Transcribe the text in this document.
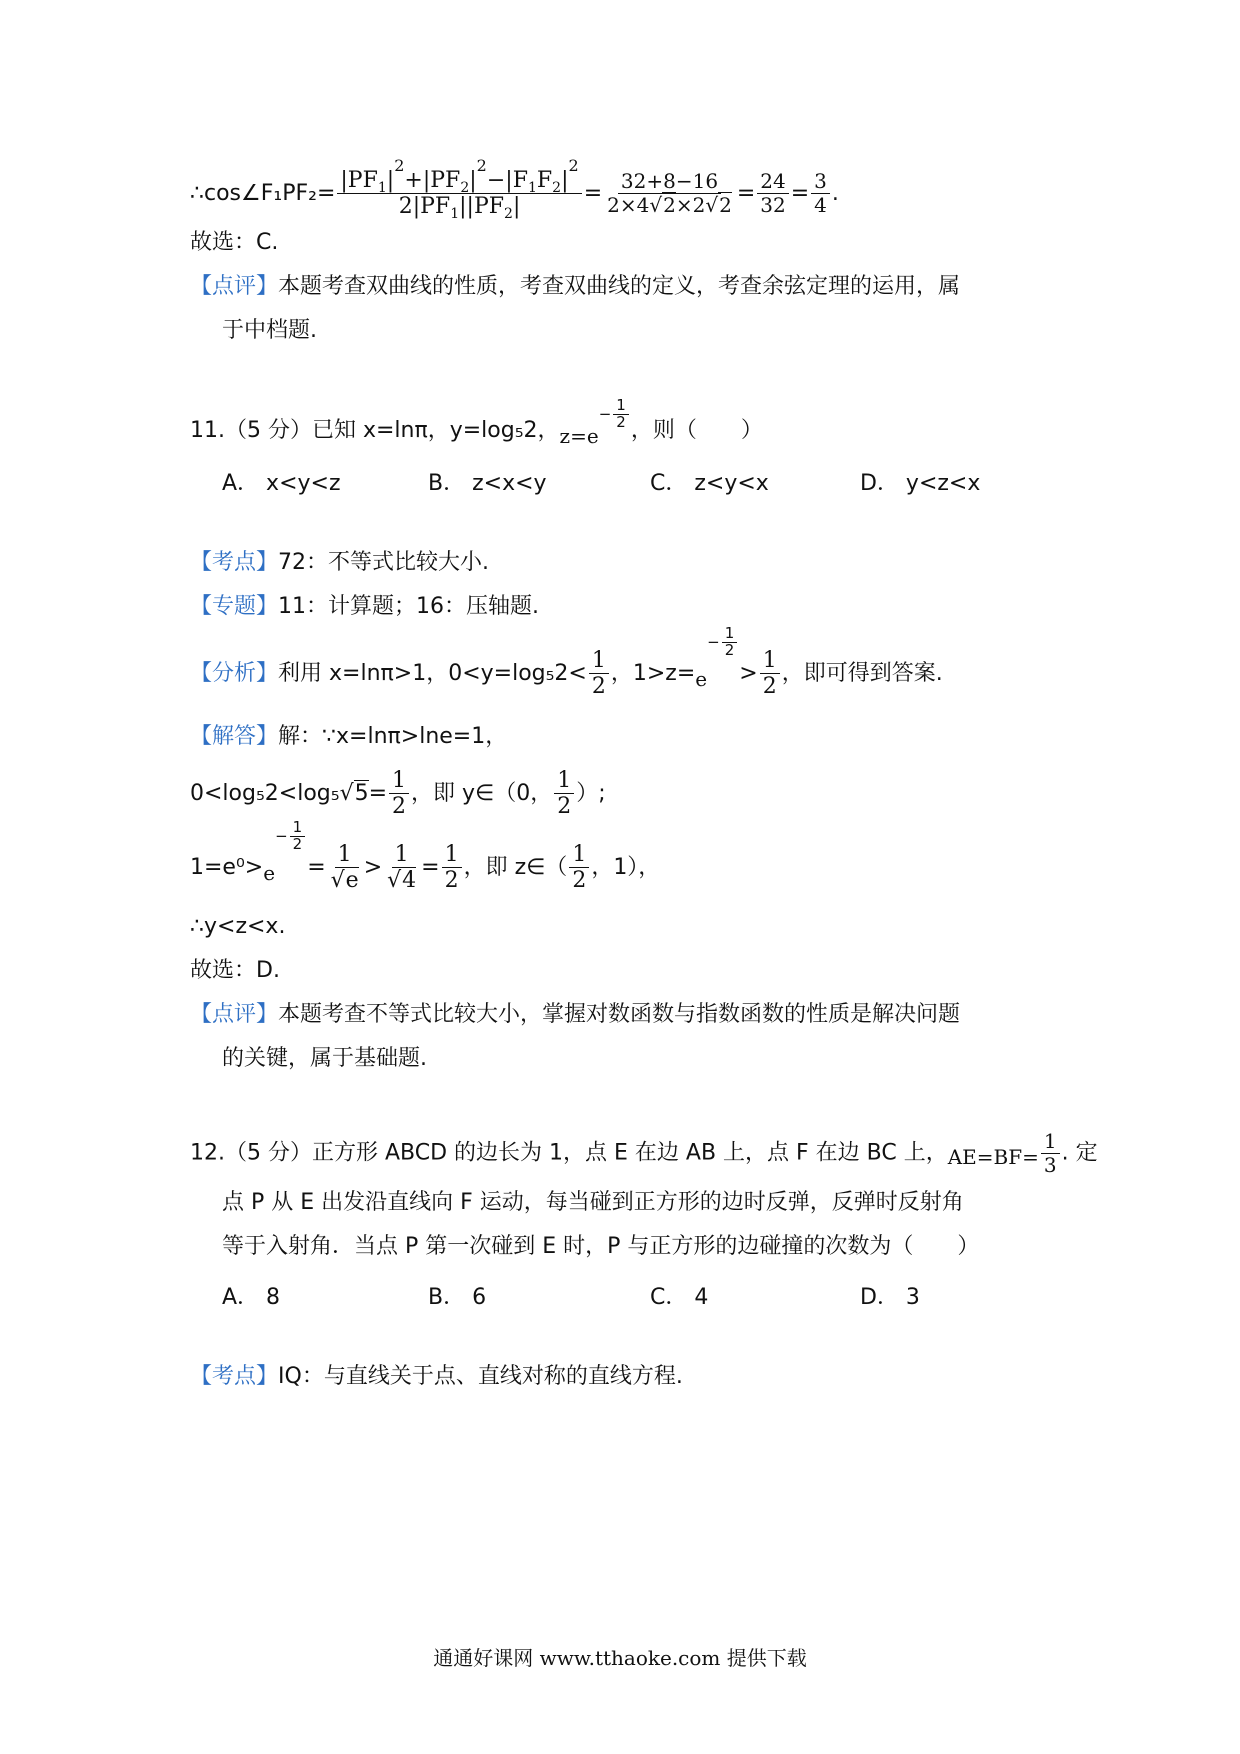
∴cos∠F₁PF₂= $\frac{|PF_1|^2+|PF_2|^2-|F_1F_2|^2}{2|PF_1||PF_2|} = \frac{32+8-16}{2\times 4√2\times 2√2} = \frac{24}{32} = \frac{3}{4}$ .
故选：C.
【点评】本题考查双曲线的性质，考查双曲线的定义，考查余弦定理的运用，属
于中档题.
11.（5 分）已知 x=lnπ，y=log₅2，z=e
− $\frac{1}{2}$ ，则（　　）
A． x<y<z	B． z<x<y	C． z<y<x	D． y<z<x
【考点】72：不等式比较大小.
【专题】11：计算题；16：压轴题.
【分析】利用 x=lnπ>1，$0<y=\log_52< \frac{1}{2}$ ，1>z=e
− $\frac{1}{2}$
> $\frac{1}{2}$ ，即可得到答案.
【解答】解：∵x=lnπ>lne=1，
$0<\log_52<\log_5√5= \frac{1}{2}$ ，即 y∈（0， $\frac{1}{2}$ ）;
1=e⁰>e
− $\frac{1}{2}$
= $\frac{1}{√e} > \frac{1}{√4} = \frac{1}{2}$ ，即 z∈（ $\frac{1}{2}$ ，1），
∴y<z<x.
故选：D.
【点评】本题考查不等式比较大小，掌握对数函数与指数函数的性质是解决问题
的关键，属于基础题.
12.（5 分）正方形 ABCD 的边长为 1，点 E 在边 AB 上，点 F 在边 BC 上，$AE=BF= \frac{1}{3}$ . 定
点 P 从 E 出发沿直线向 F 运动，每当碰到正方形的边时反弹，反弹时反射角
等于入射角．当点 P 第一次碰到 E 时，P 与正方形的边碰撞的次数为（　　）
A． 8	B． 6	C． 4	D． 3
【考点】IQ：与直线关于点、直线对称的直线方程.
通通好课网 www.tthaoke.com 提供下载
